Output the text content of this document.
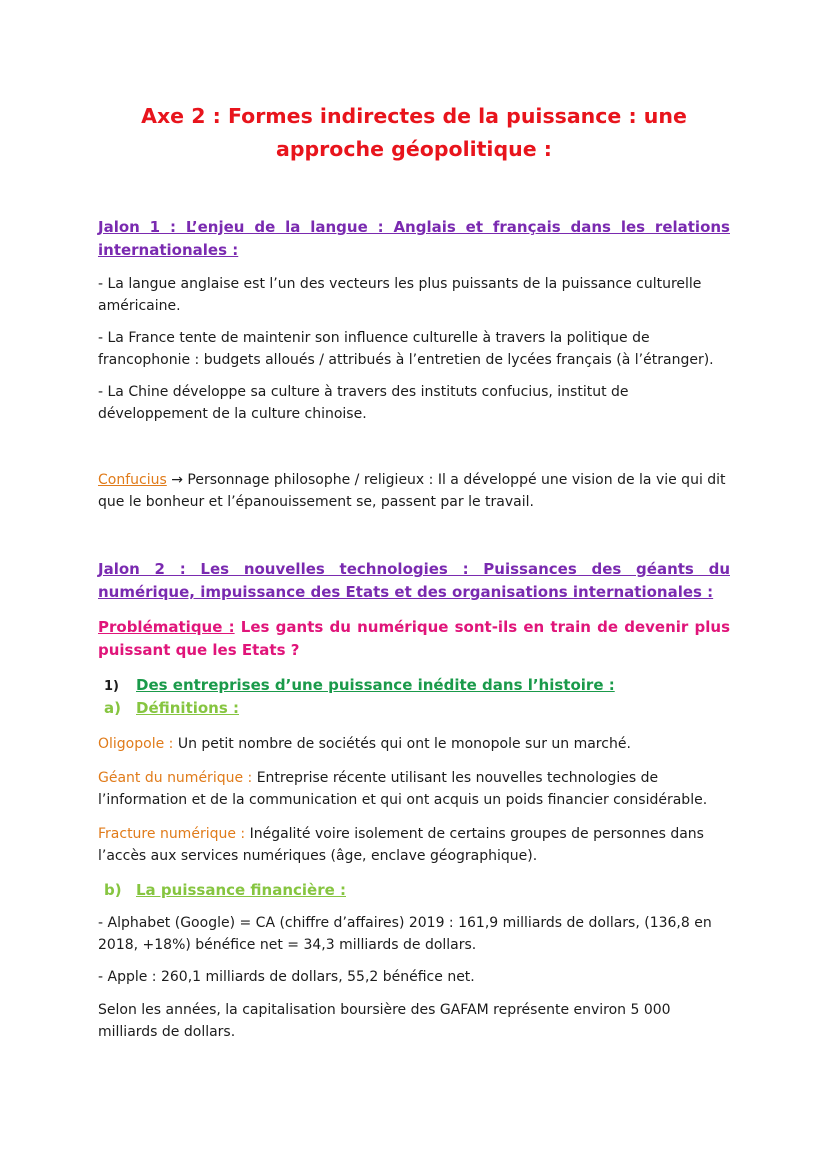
Axe 2 : Formes indirectes de la puissance : une approche géopolitique :

Jalon 1 : L’enjeu de la langue : Anglais et français dans les relations internationales :

- La langue anglaise est l’un des vecteurs les plus puissants de la puissance culturelle américaine.

- La France tente de maintenir son influence culturelle à travers la politique de francophonie : budgets alloués / attribués à l’entretien de lycées français (à l’étranger).

- La Chine développe sa culture à travers des instituts confucius, institut de développement de la culture chinoise.

Confucius → Personnage philosophe / religieux : Il a développé une vision de la vie qui dit que le bonheur et l’épanouissement se, passent par le travail.

Jalon 2 : Les nouvelles technologies : Puissances des géants du numérique, impuissance des Etats et des organisations internationales :

Problématique : Les gants du numérique sont-ils en train de devenir plus puissant que les Etats ?

1) Des entreprises d’une puissance inédite dans l’histoire :

a) Définitions :

Oligopole : Un petit nombre de sociétés qui ont le monopole sur un marché.

Géant du numérique : Entreprise récente utilisant les nouvelles technologies de l’information et de la communication et qui ont acquis un poids financier considérable.

Fracture numérique : Inégalité voire isolement de certains groupes de personnes dans l’accès aux services numériques (âge, enclave géographique).

b) La puissance financière :

- Alphabet (Google) = CA (chiffre d’affaires) 2019 : 161,9 milliards de dollars, (136,8 en 2018, +18%) bénéfice net = 34,3 milliards de dollars.

- Apple : 260,1 milliards de dollars, 55,2 bénéfice net.

Selon les années, la capitalisation boursière des GAFAM représente environ 5 000 milliards de dollars.
